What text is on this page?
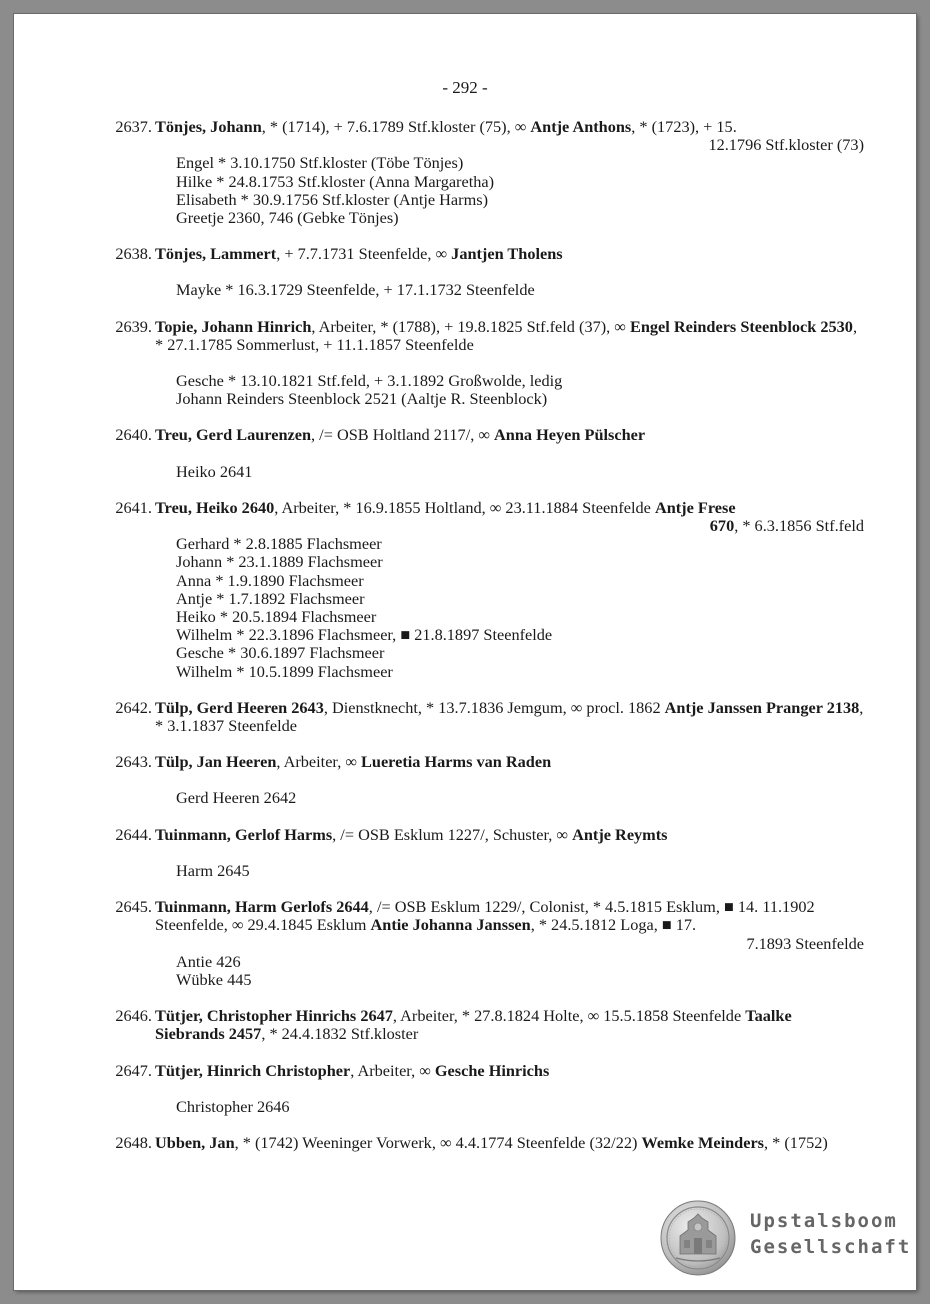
- 292 -
2637. Tönjes, Johann, * (1714), + 7.6.1789 Stf.kloster (75), ∞ Antje Anthons, * (1723), + 15.
12.1796 Stf.kloster (73)
Engel * 3.10.1750 Stf.kloster (Töbe Tönjes)
Hilke * 24.8.1753 Stf.kloster (Anna Margaretha)
Elisabeth * 30.9.1756 Stf.kloster (Antje Harms)
Greetje 2360, 746 (Gebke Tönjes)
2638. Tönjes, Lammert, + 7.7.1731 Steenfelde, ∞ Jantjen Tholens
Mayke * 16.3.1729 Steenfelde, + 17.1.1732 Steenfelde
2639. Topie, Johann Hinrich, Arbeiter, * (1788), + 19.8.1825 Stf.feld (37), ∞ Engel Reinders Steenblock 2530, * 27.1.1785 Sommerlust, + 11.1.1857 Steenfelde
Gesche * 13.10.1821 Stf.feld, + 3.1.1892 Großwolde, ledig
Johann Reinders Steenblock 2521 (Aaltje R. Steenblock)
2640. Treu, Gerd Laurenzen, /= OSB Holtland 2117/, ∞ Anna Heyen Pülscher
Heiko 2641
2641. Treu, Heiko 2640, Arbeiter, * 16.9.1855 Holtland, ∞ 23.11.1884 Steenfelde Antje Frese
670, * 6.3.1856 Stf.feld
Gerhard * 2.8.1885 Flachsmeer
Johann * 23.1.1889 Flachsmeer
Anna * 1.9.1890 Flachsmeer
Antje * 1.7.1892 Flachsmeer
Heiko * 20.5.1894 Flachsmeer
Wilhelm * 22.3.1896 Flachsmeer, ■ 21.8.1897 Steenfelde
Gesche * 30.6.1897 Flachsmeer
Wilhelm * 10.5.1899 Flachsmeer
2642. Tülp, Gerd Heeren 2643, Dienstknecht, * 13.7.1836 Jemgum, ∞ procl. 1862 Antje Janssen Pranger 2138, * 3.1.1837 Steenfelde
2643. Tülp, Jan Heeren, Arbeiter, ∞ Lueretia Harms van Raden
Gerd Heeren 2642
2644. Tuinmann, Gerlof Harms, /= OSB Esklum 1227/, Schuster, ∞ Antje Reymts
Harm 2645
2645. Tuinmann, Harm Gerlofs 2644, /= OSB Esklum 1229/, Colonist, * 4.5.1815 Esklum, ■ 14. 11.1902 Steenfelde, ∞ 29.4.1845 Esklum Antie Johanna Janssen, * 24.5.1812 Loga, ■ 17.
7.1893 Steenfelde
Antie 426
Wübke 445
2646. Tütjer, Christopher Hinrichs 2647, Arbeiter, * 27.8.1824 Holte, ∞ 15.5.1858 Steenfelde Taalke Siebrands 2457, * 24.4.1832 Stf.kloster
2647. Tütjer, Hinrich Christopher, Arbeiter, ∞ Gesche Hinrichs
Christopher 2646
2648. Ubben, Jan, * (1742) Weeninger Vorwerk, ∞ 4.4.1774 Steenfelde (32/22) Wemke Meinders, * (1752)
Upstalsboom
Gesellschaft
